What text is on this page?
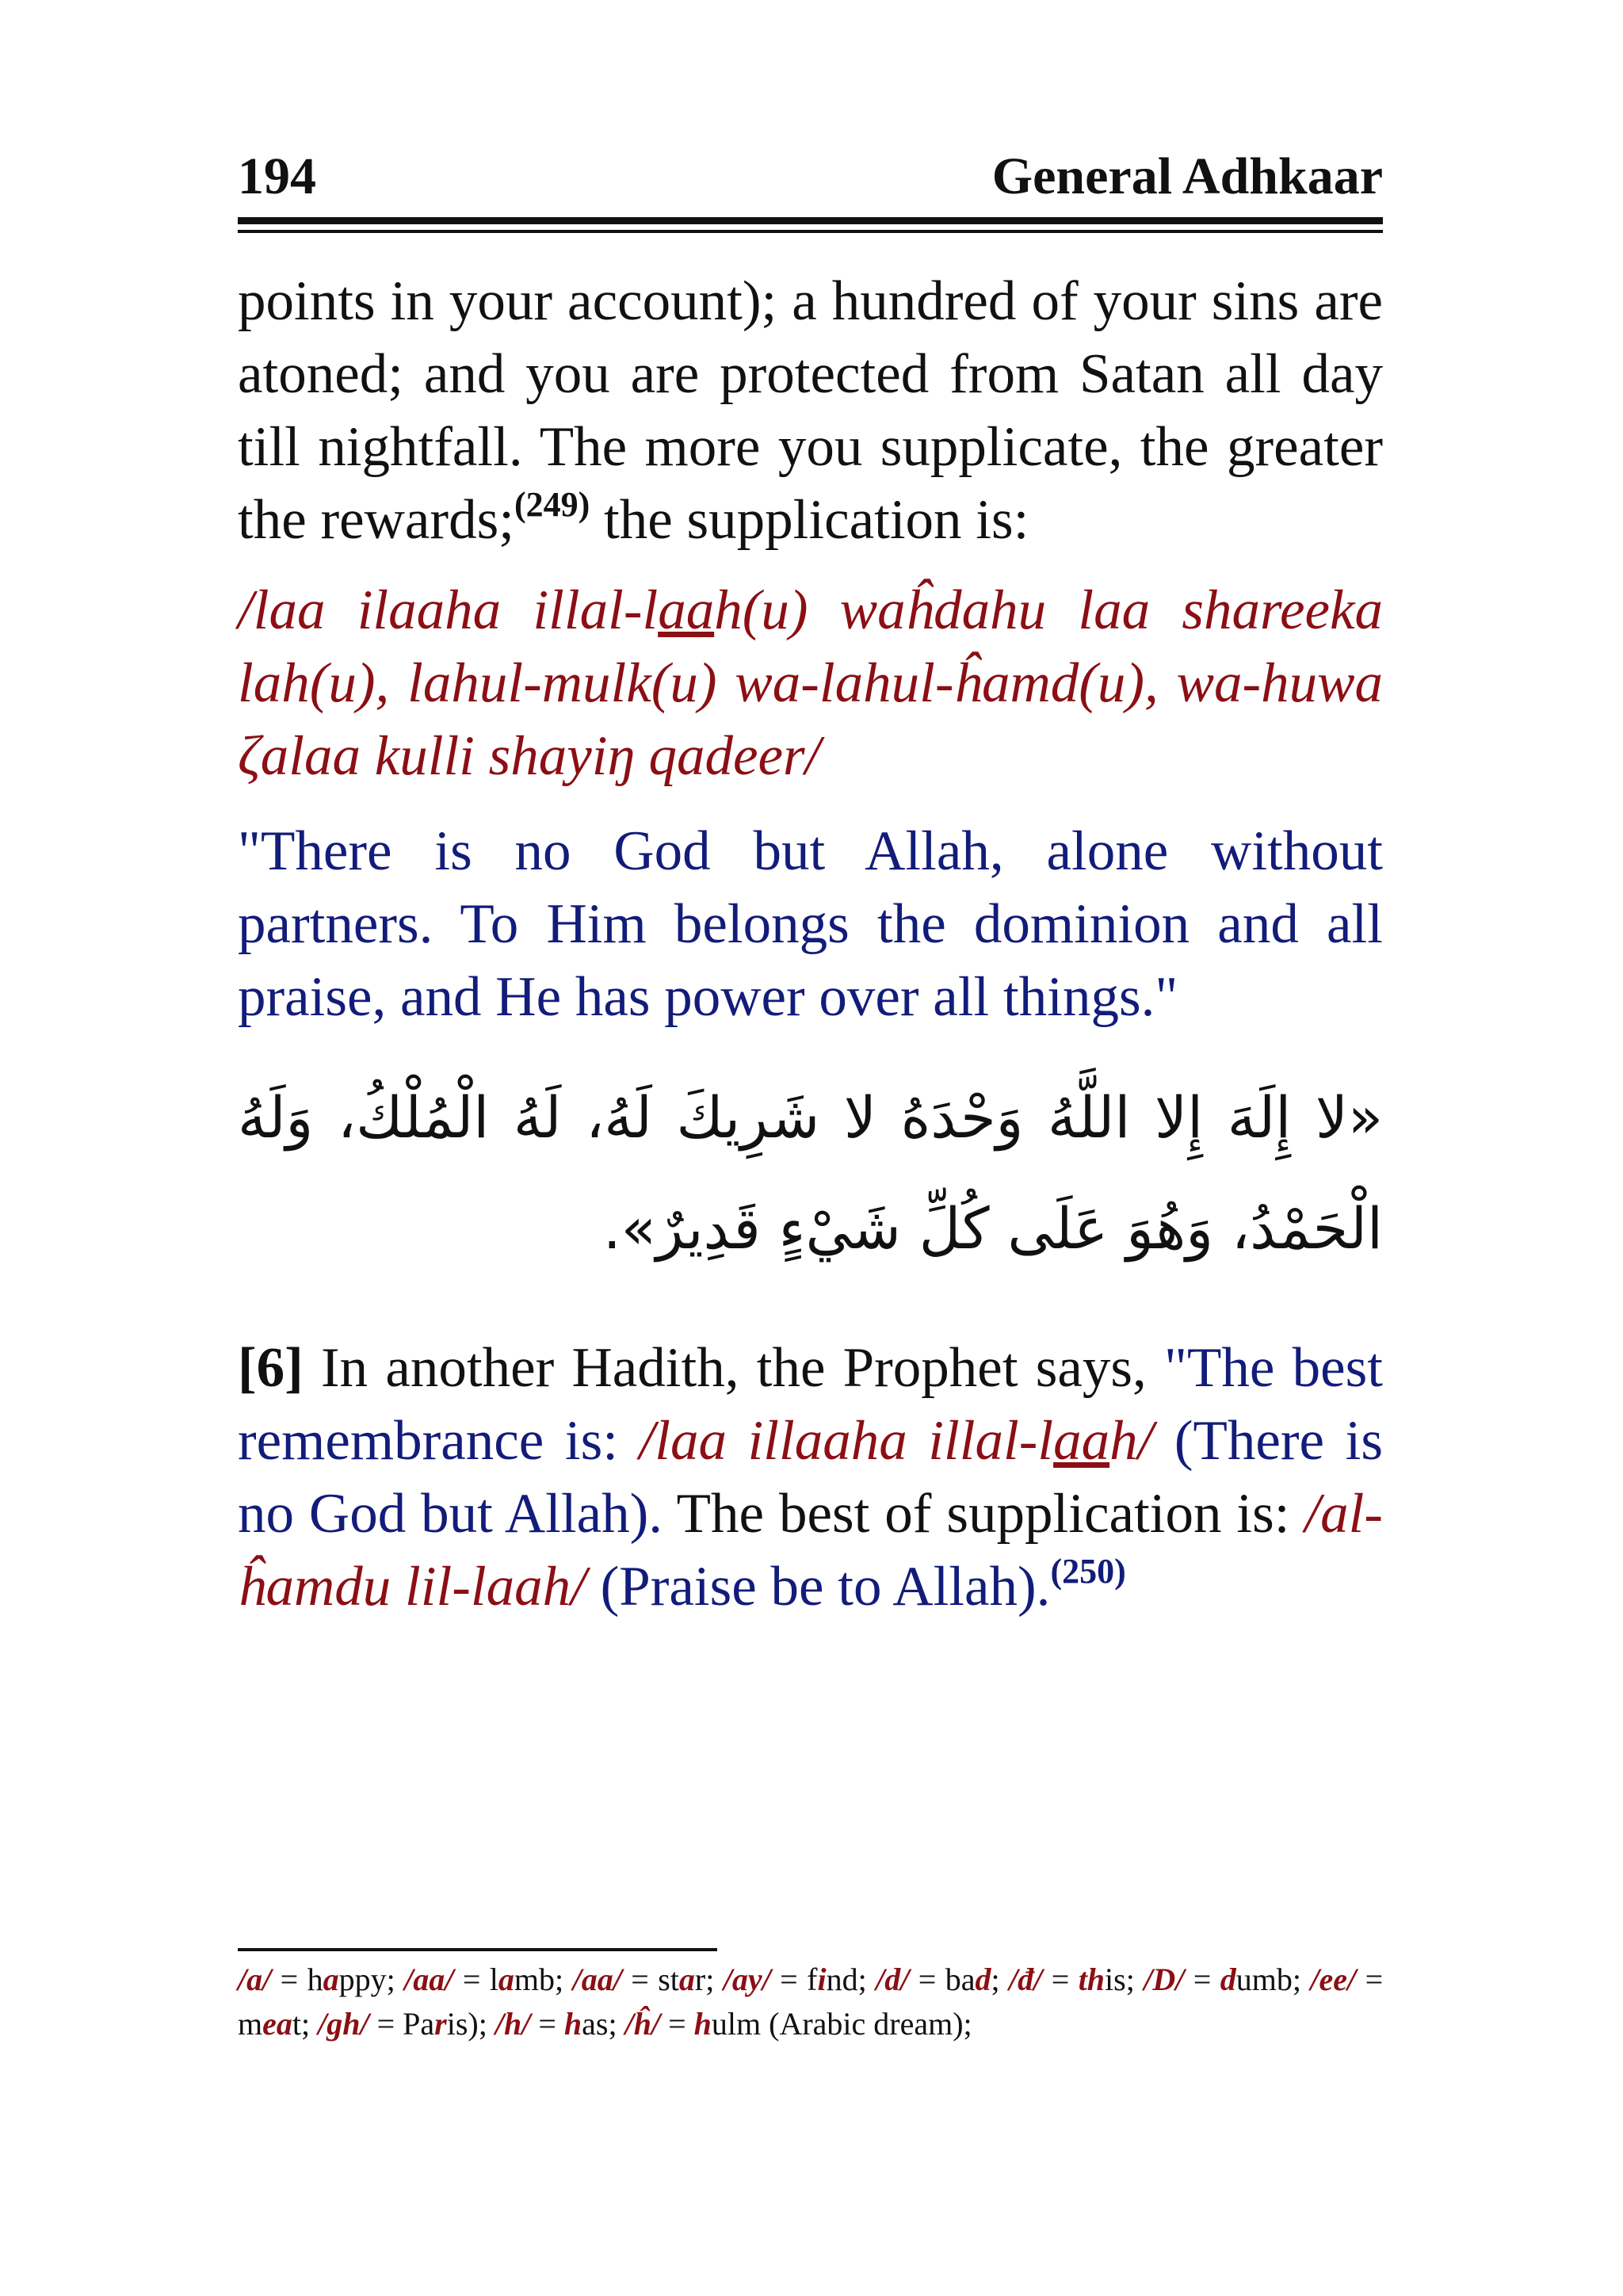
194	General Adhkaar
points in your account); a hundred of your sins are atoned; and you are protected from Satan all day till nightfall. The more you supplicate, the greater the rewards;$^{(249)}$ the supplication is:
/laa ilaaha illal-laah(u) waĥdahu laa shareeka lah(u), lahul-mulk(u) wa-lahul-ĥamd(u), wa-huwa ζalaa kulli shayiŋ qadeer/
"There is no God but Allah, alone without partners. To Him belongs the dominion and all praise, and He has power over all things."
«لا إِلَهَ إِلا اللَّهُ وَحْدَهُ لا شَرِيكَ لَهُ، لَهُ الْمُلْكُ، وَلَهُ الْحَمْدُ، وَهُوَ عَلَى كُلِّ شَيْءٍ قَدِيرٌ».
[6] In another Hadith, the Prophet says, "The best remembrance is: /laa illaaha illal-laah/ (There is no God but Allah). The best of supplication is: /al-ĥamdu lil-laah/ (Praise be to Allah).$^{(250)}$
/a/ = happy; /aa/ = lamb; /aa/ = star; /ay/ = find; /d/ = bad; /đ/ = this; /D/ = dumb; /ee/ = meat; /gh/ = Paris); /h/ = has; /ĥ/ = hulm (Arabic dream);
